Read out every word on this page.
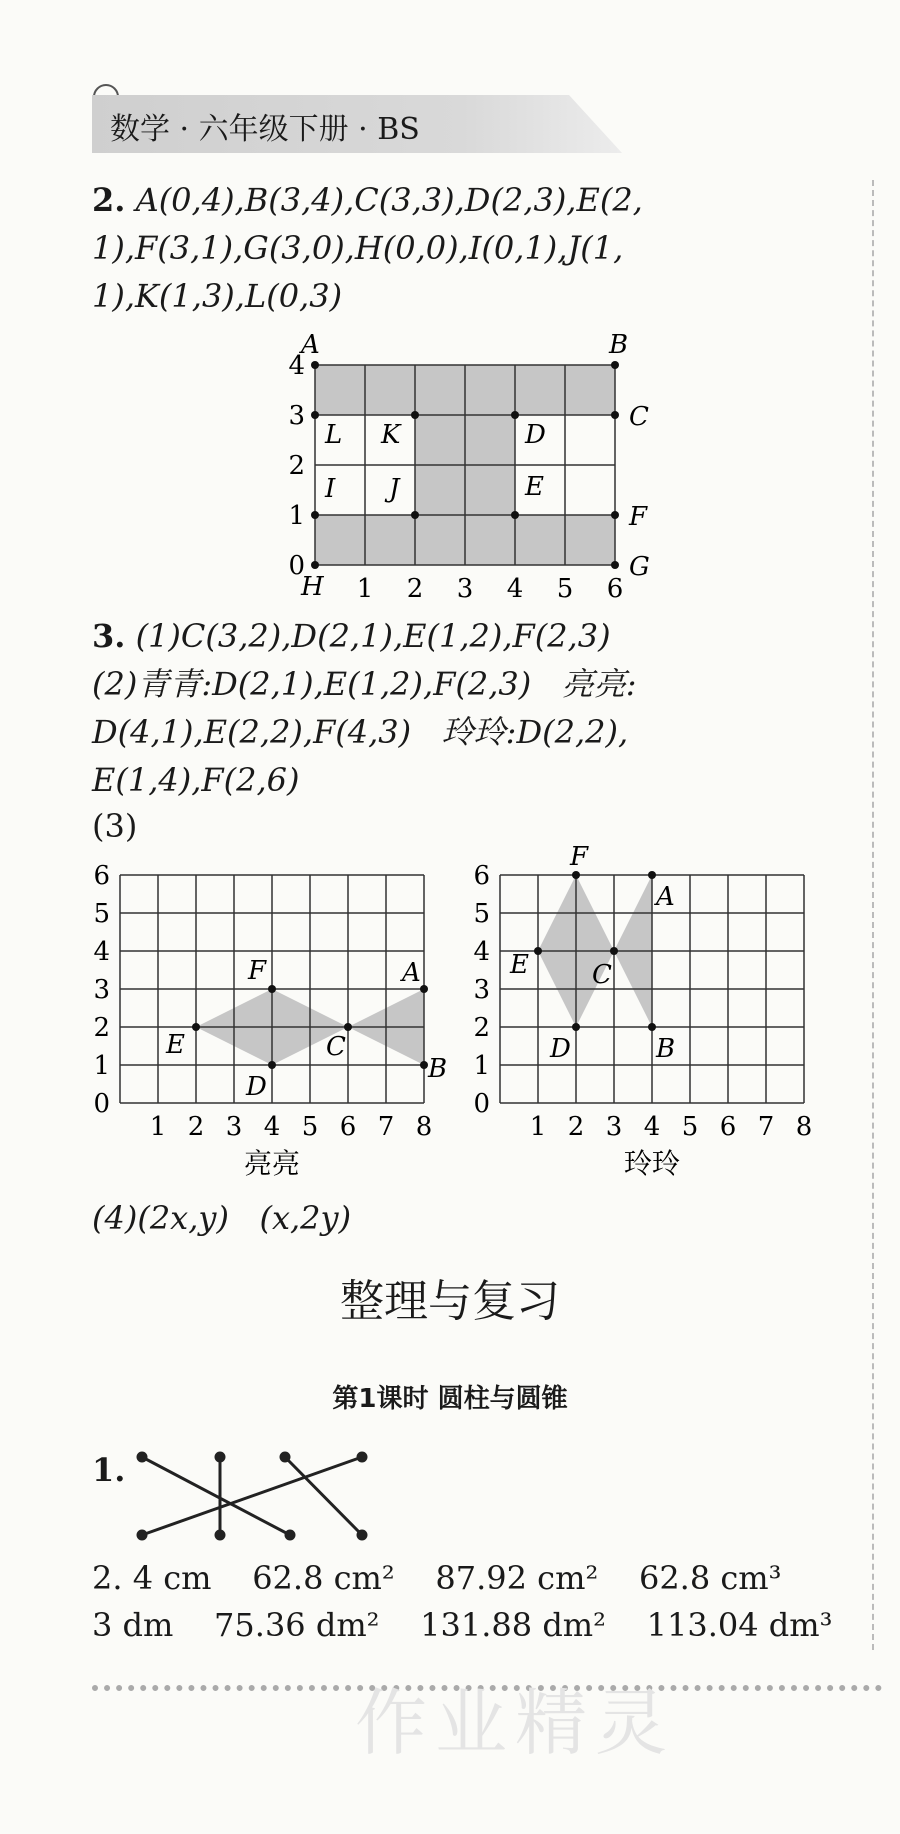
数学 · 六年级下册 · BS
2. A(0,4),B(3,4),C(3,3),D(2,3),E(2,
1),F(3,1),G(3,0),H(0,0),I(0,1),J(1,
1),K(1,3),L(0,3)
1 2 3 4 5 6
0
1
2
3
4
A	B
C
D
E
F
G
H
I J
K
L
3. (1)C(3,2),D(2,1),E(1,2),F(2,3)
(2)青青:D(2,1),E(1,2),F(2,3)   亮亮:
D(4,1),E(2,2),F(4,3)   玲玲:D(2,2),
E(1,4),F(2,6)
(3)
1 2 3 4 5 6 7 8
0
1
2
3
4
5
6
A
B
C
D
E
F
亮亮
1 2 3 4 5 6 7 8
0
1
2
3
4
5
6
A
B
C
D
E
F
玲玲
(4)(2x,y)   (x,2y)
整理与复习
第1课时 圆柱与圆锥
1.
2. 4 cm    62.8 cm²    87.92 cm²    62.8 cm³
3 dm    75.36 dm²    131.88 dm²    113.04 dm³
作业精灵
